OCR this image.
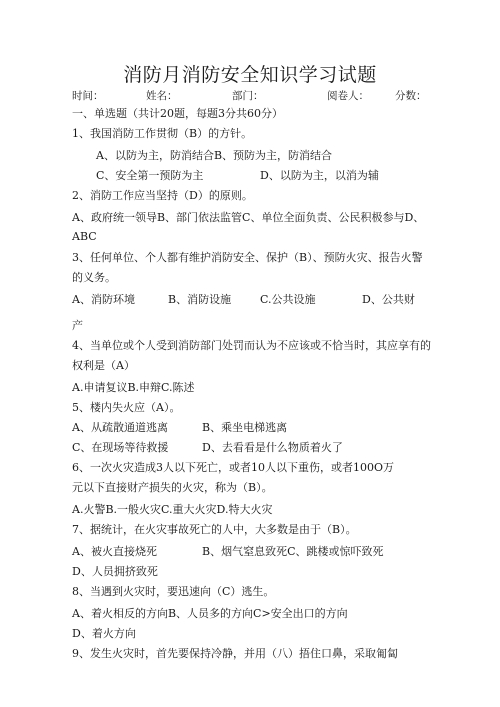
消防月消防安全知识学习试题
时间：	姓名：	部门：	阅卷人： 分数：
一、单选题（共计20题，每题3分共60分）
1、我国消防工作贯彻（B）的方针。
A、以防为主，防消结合B、预防为主，防消结合
C、安全第一预防为主	D、以防为主，以消为辅
2、消防工作应当坚持（D）的原则。
A、政府统一领导B、部门依法监管C、单位全面负责、公民积极参与D、
ABC
3、任何单位、个人都有维护消防安全、保护（B）、预防火灾、报告火警
的义务。
A、消防环境	B、消防设施	C.公共设施	D、公共财
产
4、当单位或个人受到消防部门处罚而认为不应该或不恰当时，其应享有的
权利是（A）
A.申请复议B.申辩C.陈述
5、楼内失火应（A）。
A、从疏散通道逃离	B、乘坐电梯逃离
C、在现场等待救援	D、去看看是什么物质着火了
6、一次火灾造成3人以下死亡，或者10人以下重伤，或者100O万
元以下直接财产损失的火灾，称为（B）。
A.火警B.一般火灾C.重大火灾D.特大火灾
7、据统计，在火灾事故死亡的人中，大多数是由于（B）。
A、被火直接烧死	B、烟气窒息致死C、跳楼或惊吓致死
D、人员拥挤致死
8、当遇到火灾时，要迅速向（C）逃生。
A、着火相反的方向B、人员多的方向C>安全出口的方向
D、着火方向
9、发生火灾时，首先要保持冷静，并用（八）捂住口鼻，采取匍匐
